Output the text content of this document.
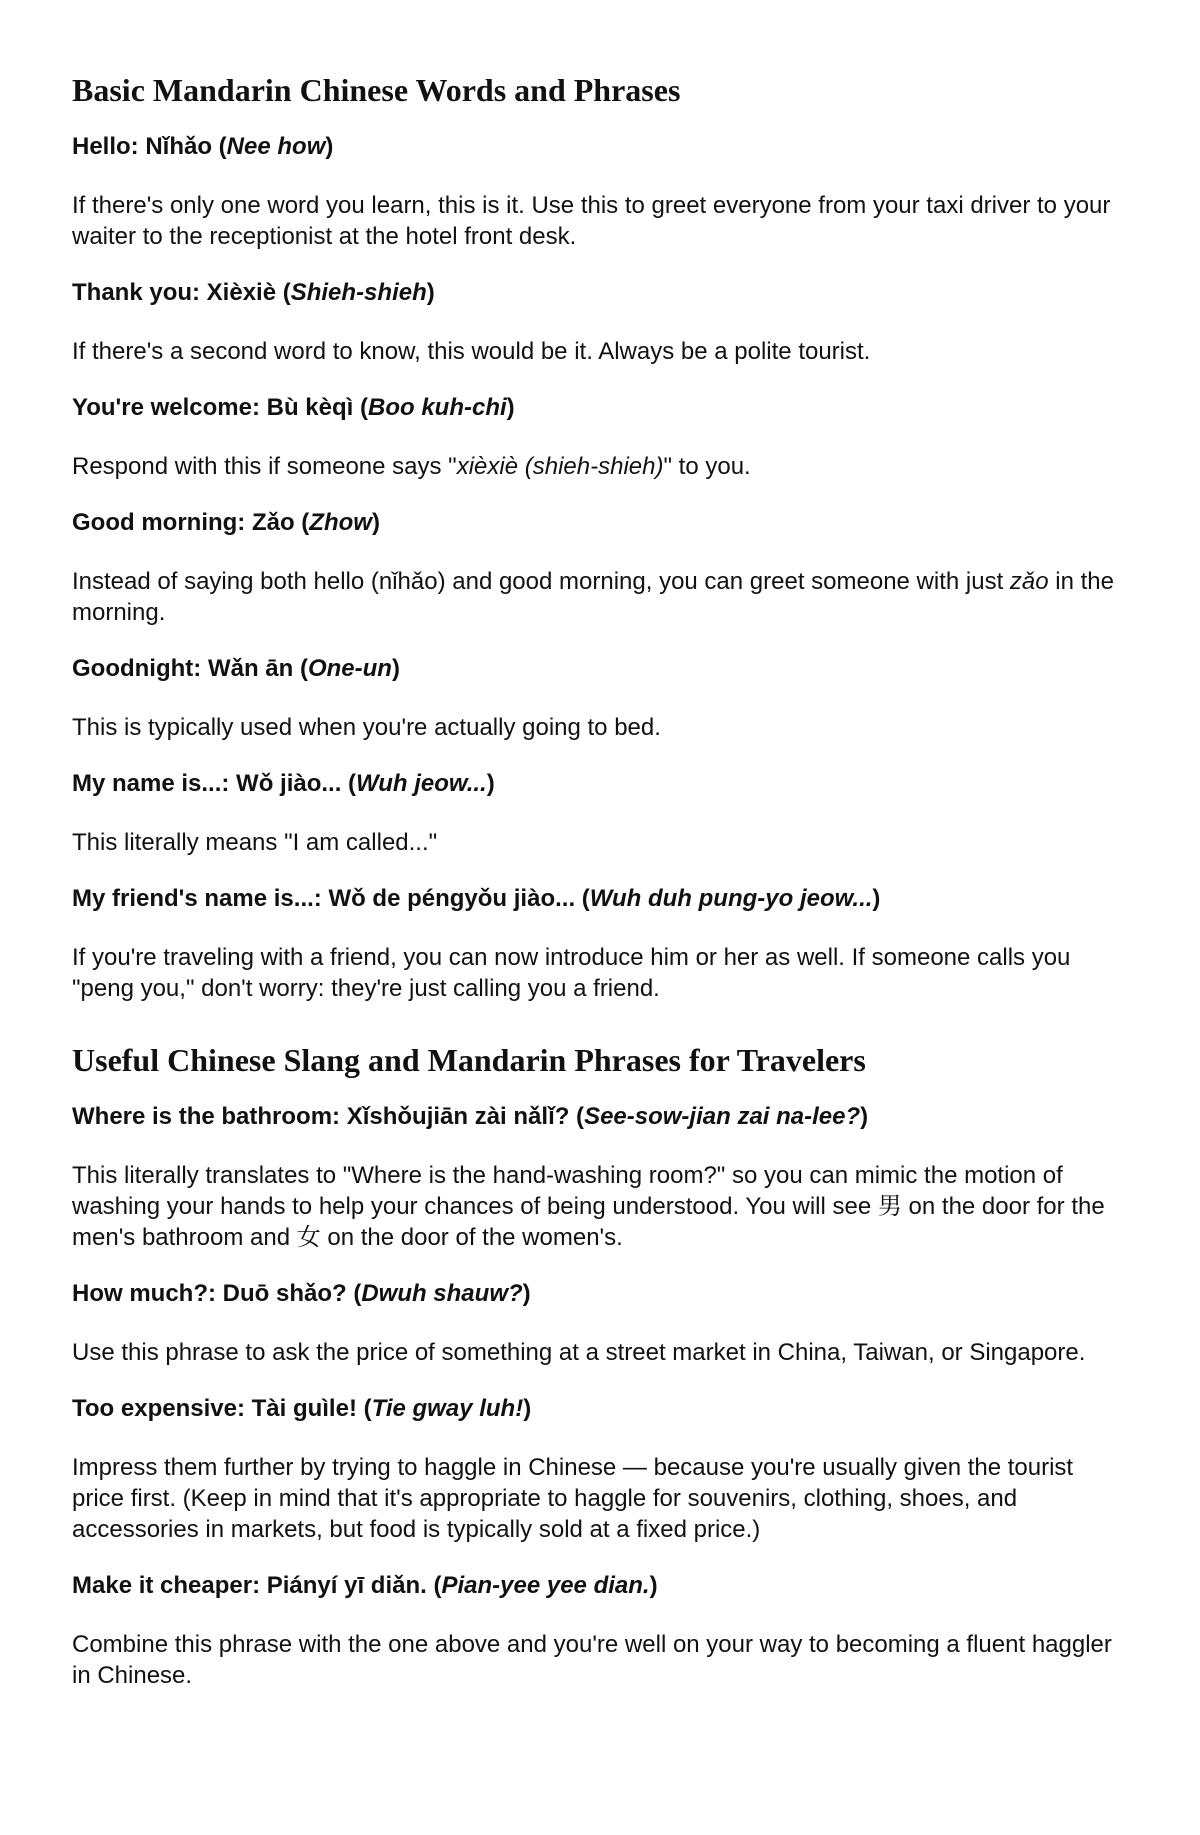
Basic Mandarin Chinese Words and Phrases

Hello: Nǐhǎo (Nee how)

If there's only one word you learn, this is it. Use this to greet everyone from your taxi driver to your waiter to the receptionist at the hotel front desk.

Thank you: Xièxiè (Shieh-shieh)

If there's a second word to know, this would be it. Always be a polite tourist.

You're welcome: Bù kèqì (Boo kuh-chi)

Respond with this if someone says "xièxiè (shieh-shieh)" to you.

Good morning: Zǎo (Zhow)

Instead of saying both hello (nǐhǎo) and good morning, you can greet someone with just zǎo in the morning.

Goodnight: Wǎn ān (One-un)

This is typically used when you're actually going to bed.

My name is...: Wǒ jiào... (Wuh jeow...)

This literally means "I am called..."

My friend's name is...: Wǒ de péngyǒu jiào... (Wuh duh pung-yo jeow...)

If you're traveling with a friend, you can now introduce him or her as well. If someone calls you "peng you," don't worry: they're just calling you a friend.

Useful Chinese Slang and Mandarin Phrases for Travelers

Where is the bathroom: Xǐshǒujiān zài nǎlǐ? (See-sow-jian zai na-lee?)

This literally translates to "Where is the hand-washing room?" so you can mimic the motion of washing your hands to help your chances of being understood. You will see 男 on the door for the men's bathroom and 女 on the door of the women's.

How much?: Duō shǎo? (Dwuh shauw?)

Use this phrase to ask the price of something at a street market in China, Taiwan, or Singapore.

Too expensive: Tài guìle! (Tie gway luh!)

Impress them further by trying to haggle in Chinese — because you're usually given the tourist price first. (Keep in mind that it's appropriate to haggle for souvenirs, clothing, shoes, and accessories in markets, but food is typically sold at a fixed price.)

Make it cheaper: Piányí yī diǎn. (Pian-yee yee dian.)

Combine this phrase with the one above and you're well on your way to becoming a fluent haggler in Chinese.
